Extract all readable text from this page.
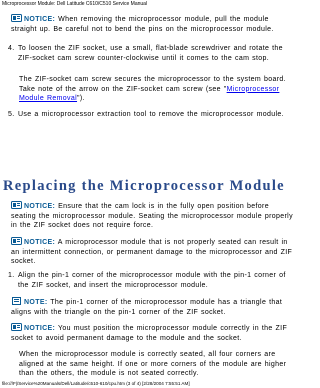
Microprocessor Module: Dell Latitude C610/C510 Service Manual
NOTICE: When removing the microprocessor module, pull the module straight up. Be careful not to bend the pins on the microprocessor module.
4. To loosen the ZIF socket, use a small, flat-blade screwdriver and rotate the ZIF-socket cam screw counter-clockwise until it comes to the cam stop.
The ZIF-socket cam screw secures the microprocessor to the system board. Take note of the arrow on the ZIF-socket cam screw (see "Microprocessor Module Removal").
5. Use a microprocessor extraction tool to remove the microprocessor module.
Replacing the Microprocessor Module
NOTICE: Ensure that the cam lock is in the fully open position before seating the microprocessor module. Seating the microprocessor module properly in the ZIF socket does not require force.
NOTICE: A microprocessor module that is not properly seated can result in an intermittent connection, or permanent damage to the microprocessor and ZIF socket.
1. Align the pin-1 corner of the microprocessor module with the pin-1 corner of the ZIF socket, and insert the microprocessor module.
NOTE: The pin-1 corner of the microprocessor module has a triangle that aligns with the triangle on the pin-1 corner of the ZIF socket.
NOTICE: You must position the microprocessor module correctly in the ZIF socket to avoid permanent damage to the module and the socket.
When the microprocessor module is correctly seated, all four corners are aligned at the same height. If one or more corners of the module are higher than the others, the module is not seated correctly.
file:///F|/Service%20Manuals/Dell/Latitude/c510-610/cpu.htm (3 of 4) [2/28/2004 7:55:51 AM]
